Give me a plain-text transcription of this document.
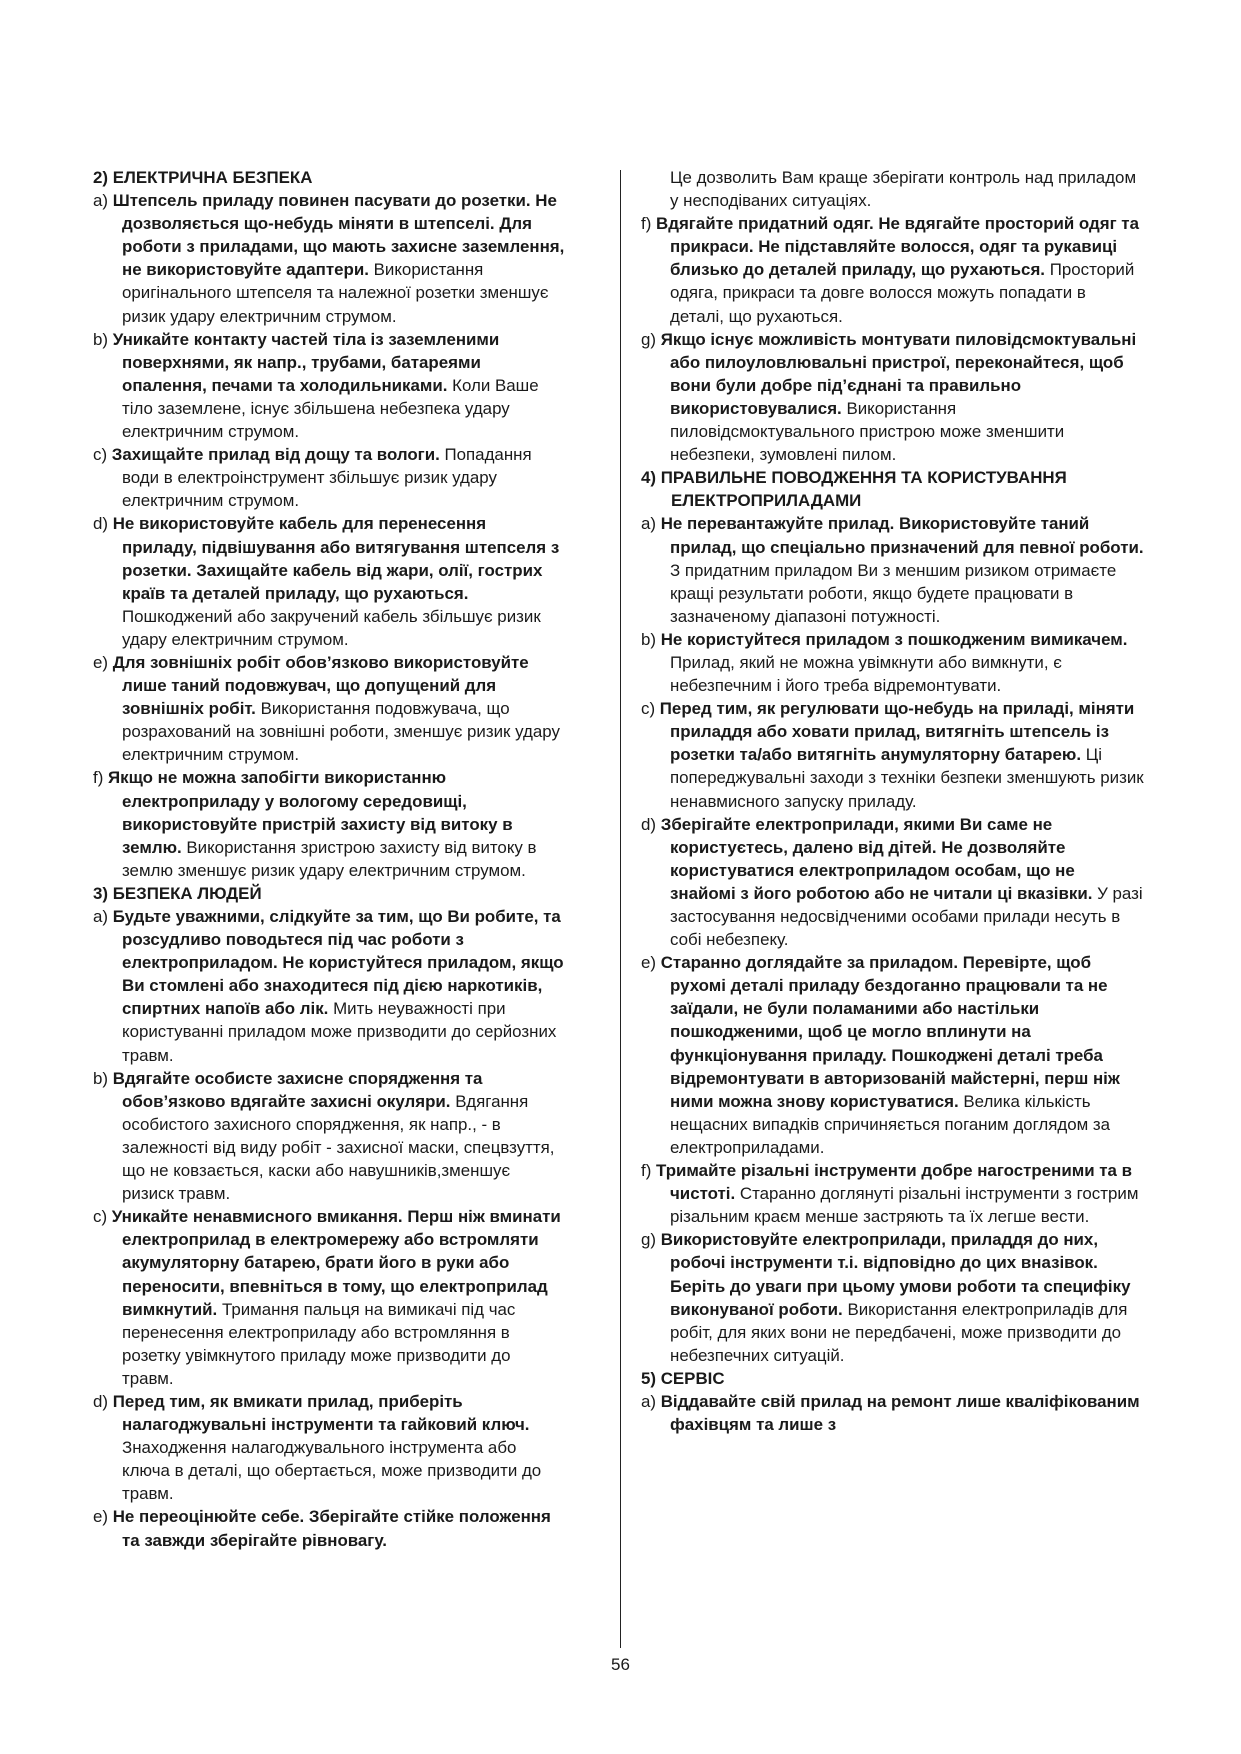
2) ЕЛЕКТРИЧНА БЕЗПЕКА
a) Штепсель приладу повинен пасувати до розетки. Не дозволяється що-небудь міняти в штепселі. Для роботи з приладами, що мають захисне заземлення, не використовуйте адаптери. Використання оригінального штепселя та належної розетки зменшує ризик удару електричним струмом.
b) Уникайте контакту частей тіла із заземленими поверхнями, як напр., трубами, батареями опалення, печами та холодильниками. Коли Ваше тіло заземлене, існує збільшена небезпека удару електричним струмом.
c) Захищайте прилад від дощу та вологи. Попадання води в електроінструмент збільшує ризик удару електричним струмом.
d) Не використовуйте кабель для перенесення приладу, підвішування або витягування штепселя з розетки. Захищайте кабель від жари, олії, гострих країв та деталей приладу, що рухаються. Пошкоджений або закручений кабель збільшує ризик удару електричним струмом.
e) Для зовнішніх робіт обов’язково використовуйте лише таний подовжувач, що допущений для зовнішніх робіт. Використання подовжувача, що розрахований на зовнішні роботи, зменшує ризик удару електричним струмом.
f) Якщо не можна запобігти використанню електроприладу у вологому середовищі, використовуйте пристрій захисту від витоку в землю. Використання зристрою захисту від витоку в землю зменшує ризик удару електричним струмом.
3) БЕЗПЕКА ЛЮДЕЙ
a) Будьте уважними, слідкуйте за тим, що Ви робите, та розсудливо поводьтеся під час роботи з електроприладом. Не користуйтеся приладом, якщо Ви стомлені або знаходитеся під дією наркотиків, спиртних напоїв або лік. Мить неуважності при користуванні приладом може призводити до серйозних травм.
b) Вдягайте особисте захисне спорядження та обов’язково вдягайте захисні окуляри. Вдягання особистого захисного спорядження, як напр., - в залежності від виду робіт - захисної маски, спецвзуття, що не ковзається, каски або навушників,зменшує ризиск травм.
c) Уникайте ненавмисного вмикання. Перш ніж вминати електроприлад в електромережу або встромляти акумуляторну батарею, брати його в руки або переносити, впевніться в тому, що електроприлад вимкнутий. Тримання пальця на вимикачі під час перенесення електроприладу або встромляння в розетку увімкнутого приладу може призводити до травм.
d) Перед тим, як вмикати прилад, приберіть налагоджувальні інструменти та гайковий ключ. Знаходження налагоджувального інструмента або ключа в деталі, що обертається, може призводити до травм.
e) Не переоцінюйте себе. Зберігайте стійке положення та завжди зберігайте рівновагу.
Це дозволить Вам краще зберігати контроль над приладом у несподіваних ситуаціях.
f) Вдягайте придатний одяг. Не вдягайте просторий одяг та прикраси. Не підставляйте волосся, одяг та рукавиці близько до деталей приладу, що рухаються. Просторий одяга, прикраси та довге волосся можуть попадати в деталі, що рухаються.
g) Якщо існує можливість монтувати пиловідсмоктувальні або пилоуловлювальні пристрої, переконайтеся, щоб вони були добре під’єднані та правильно використовувалися. Використання пиловідсмоктувального пристрою може зменшити небезпеки, зумовлені пилом.
4) ПРАВИЛЬНЕ ПОВОДЖЕННЯ ТА КОРИСТУВАННЯ ЕЛЕКТРОПРИЛАДАМИ
a) Не перевантажуйте прилад. Використовуйте таний прилад, що спеціально призначений для певної роботи. З придатним приладом Ви з меншим ризиком отримаєте кращі результати роботи, якщо будете працювати в зазначеному діапазоні потужності.
b) Не користуйтеся приладом з пошкодженим вимикачем. Прилад, який не можна увімкнути або вимкнути, є небезпечним і його треба відремонтувати.
c) Перед тим, як регулювати що-небудь на приладі, міняти приладдя або ховати прилад, витягніть штепсель із розетки та/або витягніть анумуляторну батарею. Ці попереджувальні заходи з техніки безпеки зменшують ризик ненавмисного запуску приладу.
d) Зберігайте електроприлади, якими Ви саме не користуєтесь, далено від дітей. Не дозволяйте користуватися електроприладом особам, що не знайомі з його роботою або не читали ці вказівки. У разі застосування недосвідченими особами прилади несуть в собі небезпеку.
e) Старанно доглядайте за приладом. Перевірте, щоб рухомі деталі приладу бездоганно працювали та не заїдали, не були поламаними або настільки пошкодженими, щоб це могло вплинути на функціонування приладу. Пошкоджені деталі треба відремонтувати в авторизованій майстерні, перш ніж ними можна знову користуватися. Велика кількість нещасних випадків спричиняється поганим доглядом за електроприладами.
f) Тримайте різальні інструменти добре нагостреними та в чистоті. Старанно доглянуті різальні інструменти з гострим різальним краєм менше застряють та їх легше вести.
g) Використовуйте електроприлади, приладдя до них, робочі інструменти т.і. відповідно до цих вназівок. Беріть до уваги при цьому умови роботи та специфіку виконуваної роботи. Використання електроприладів для робіт, для яких вони не передбачені, може призводити до небезпечних ситуацій.
5) СЕРВІС
a) Віддавайте свій прилад на ремонт лише кваліфікованим фахівцям та лише з
56
